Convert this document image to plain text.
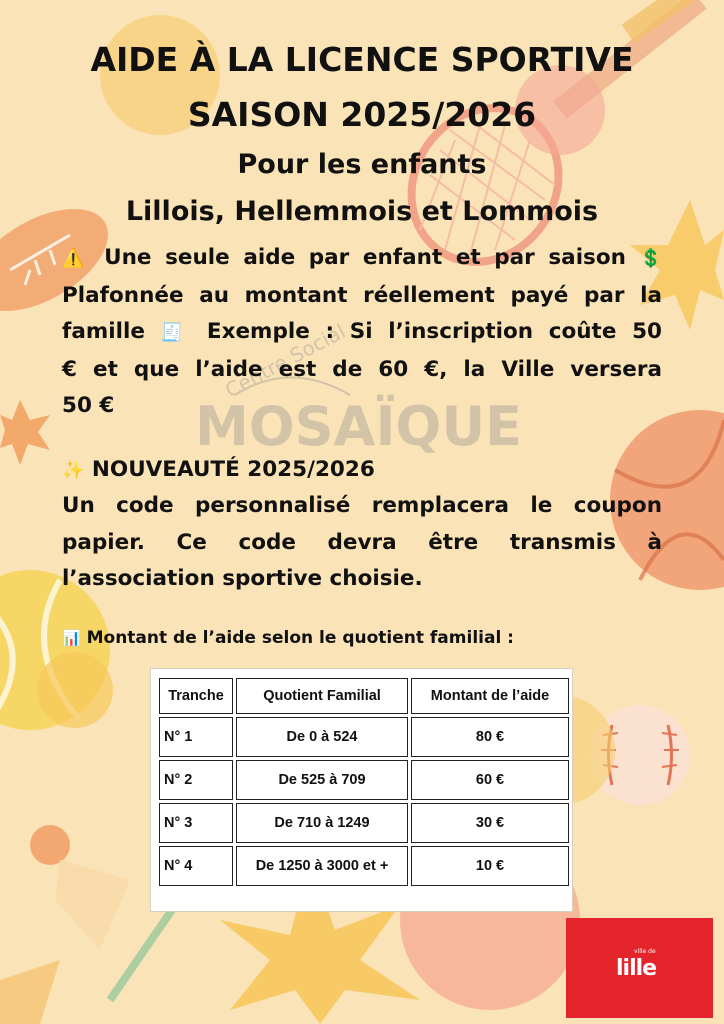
Centre Social
MOSAÏQUE
AIDE À LA LICENCE SPORTIVE
SAISON 2025/2026
Pour les enfants
Lillois, Hellemmois et Lommois
⚠️ Une seule aide par enfant et par saison 💲
Plafonnée au montant réellement payé par la
famille 🧾 Exemple : Si l’inscription coûte 50
€ et que l’aide est de 60 €, la Ville versera
50 €
✨ NOUVEAUTÉ 2025/2026
Un code personnalisé remplacera le coupon
papier. Ce code devra être transmis à
l’association sportive choisie.
📊 Montant de l’aide selon le quotient familial :
Tranche	Quotient Familial	Montant de l’aide
N° 1	De 0 à 524	80 €
N° 2	De 525 à 709	60 €
N° 3	De 710 à 1249	30 €
N° 4	De 1250 à 3000 et +	10 €
ville de
lille
